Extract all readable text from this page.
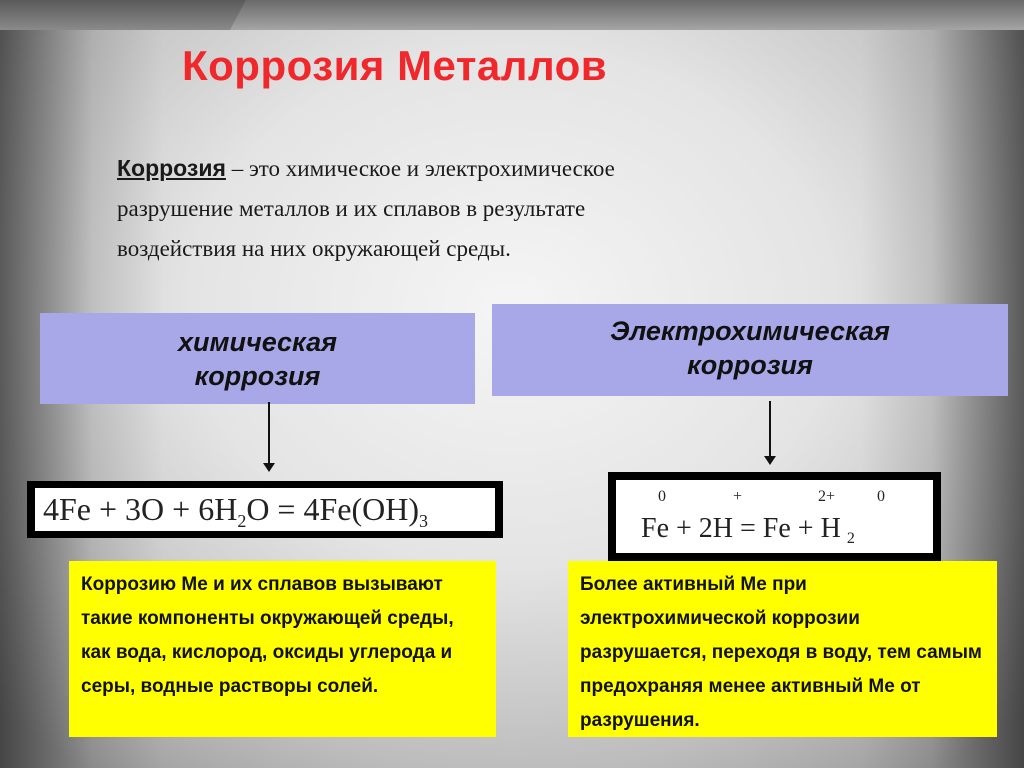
Коррозия Металлов
Коррозия – это химическое и электрохимическое
разрушение металлов и их сплавов в результате
воздействия на них окружающей среды.
химическая
коррозия
Электрохимическая
коррозия
$4Fe + 3O + 6H_2O = 4Fe(OH)_3$
0	+	2+	0
Fe + 2H = Fe + H $_2$
Коррозию Ме и их сплавов вызывают такие компоненты окружающей среды, как вода, кислород, оксиды углерода и серы, водные растворы солей.
Более активный Ме при электрохимической коррозии разрушается, переходя в воду, тем самым предохраняя менее активный Ме от разрушения.
